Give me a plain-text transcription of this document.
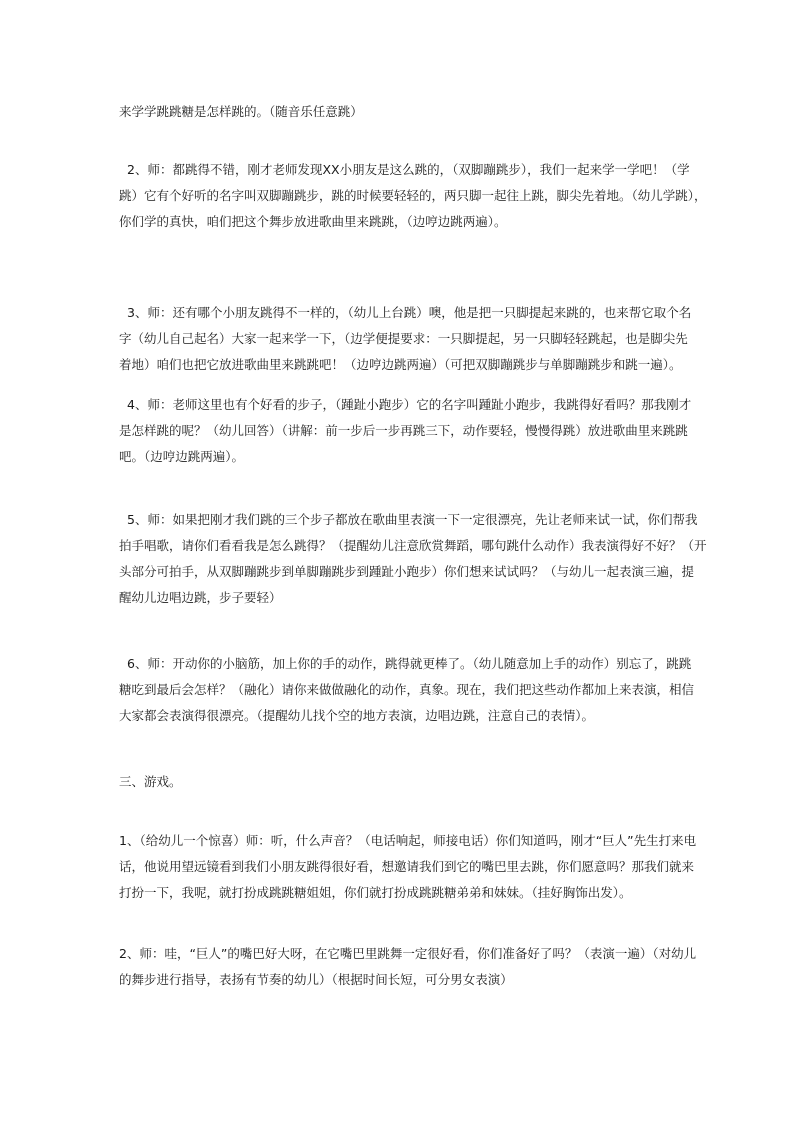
来学学跳跳糖是怎样跳的。（随音乐任意跳）

2、师：都跳得不错，刚才老师发现XX小朋友是这么跳的，（双脚蹦跳步），我们一起来学一学吧！（学
跳）它有个好听的名字叫双脚蹦跳步，跳的时候要轻轻的，两只脚一起往上跳，脚尖先着地。（幼儿学跳），
你们学的真快，咱们把这个舞步放进歌曲里来跳跳，（边哼边跳两遍）。

3、师：还有哪个小朋友跳得不一样的，（幼儿上台跳）噢，他是把一只脚提起来跳的，也来帮它取个名
字（幼儿自己起名）大家一起来学一下，（边学便提要求：一只脚提起，另一只脚轻轻跳起，也是脚尖先
着地）咱们也把它放进歌曲里来跳跳吧！（边哼边跳两遍）（可把双脚蹦跳步与单脚蹦跳步和跳一遍）。

4、师：老师这里也有个好看的步子，（踵趾小跑步）它的名字叫踵趾小跑步，我跳得好看吗？那我刚才
是怎样跳的呢？（幼儿回答）（讲解：前一步后一步再跳三下，动作要轻，慢慢得跳）放进歌曲里来跳跳
吧。（边哼边跳两遍）。

5、师：如果把刚才我们跳的三个步子都放在歌曲里表演一下一定很漂亮，先让老师来试一试，你们帮我
拍手唱歌，请你们看看我是怎么跳得？（提醒幼儿注意欣赏舞蹈，哪句跳什么动作）我表演得好不好？（开
头部分可拍手，从双脚蹦跳步到单脚蹦跳步到踵趾小跑步）你们想来试试吗？（与幼儿一起表演三遍，提
醒幼儿边唱边跳，步子要轻）

6、师：开动你的小脑筋，加上你的手的动作，跳得就更棒了。（幼儿随意加上手的动作）别忘了，跳跳
糖吃到最后会怎样？（融化）请你来做做融化的动作，真象。现在，我们把这些动作都加上来表演，相信
大家都会表演得很漂亮。（提醒幼儿找个空的地方表演，边唱边跳，注意自己的表情）。

三、游戏。

1、（给幼儿一个惊喜）师：听，什么声音？（电话响起，师接电话）你们知道吗，刚才“巨人”先生打来电
话，他说用望远镜看到我们小朋友跳得很好看，想邀请我们到它的嘴巴里去跳，你们愿意吗？那我们就来
打扮一下，我呢，就打扮成跳跳糖姐姐，你们就打扮成跳跳糖弟弟和妹妹。（挂好胸饰出发）。

2、师：哇，“巨人”的嘴巴好大呀，在它嘴巴里跳舞一定很好看，你们准备好了吗？（表演一遍）（对幼儿
的舞步进行指导，表扬有节奏的幼儿）（根据时间长短，可分男女表演）
